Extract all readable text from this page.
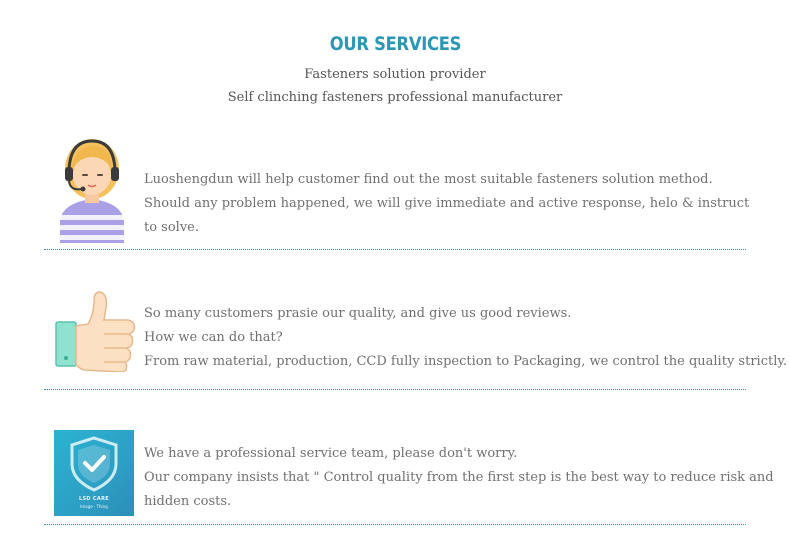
OUR SERVICES
Fasteners solution provider
Self clinching fasteners professional manufacturer
Luoshengdun will help customer find out the most suitable fasteners solution method.
Should any problem happened, we will give immediate and active response, helo & instruct
to solve.
So many customers prasie our quality, and give us good reviews.
How we can do that?
From raw material, production, CCD fully inspection to Packaging, we control the quality strictly.
LSD CARE
Image · Thing
We have a professional service team, please don't worry.
Our company insists that " Control quality from the first step is the best way to reduce risk and
hidden costs.
